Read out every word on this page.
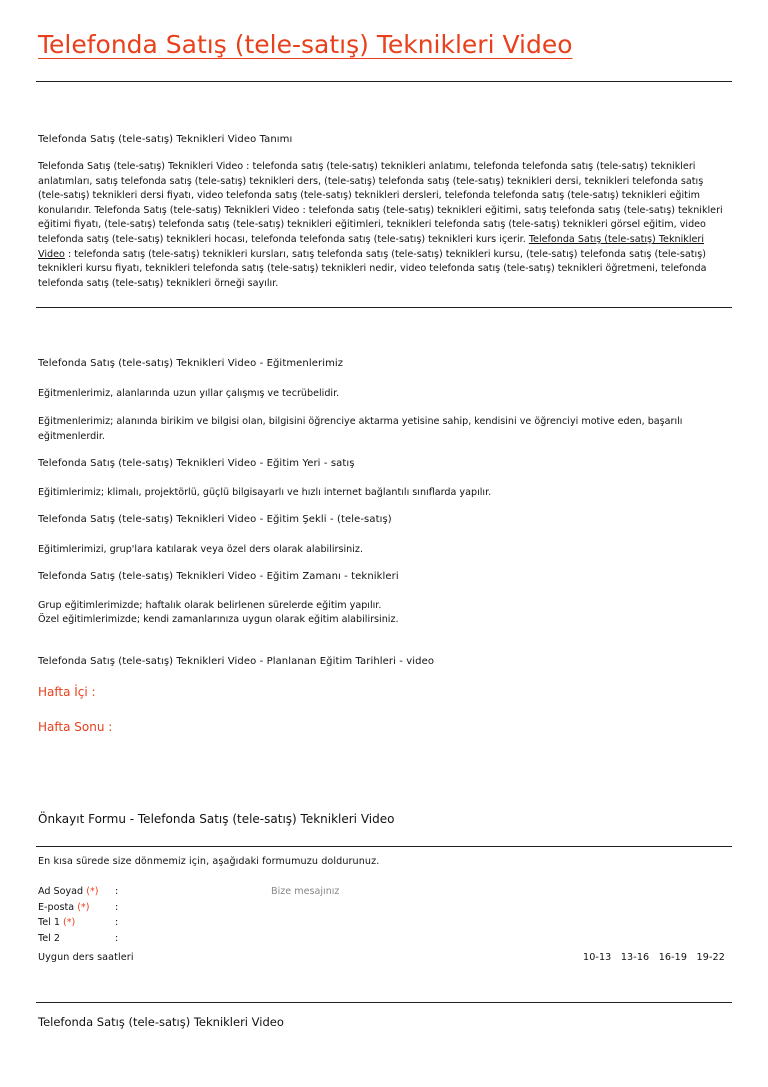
Telefonda Satış (tele-satış) Teknikleri Video
Telefonda Satış (tele-satış) Teknikleri Video Tanımı
Telefonda Satış (tele-satış) Teknikleri Video : telefonda satış (tele-satış) teknikleri anlatımı, telefonda telefonda satış (tele-satış) teknikleri anlatımları, satış telefonda satış (tele-satış) teknikleri ders, (tele-satış) telefonda satış (tele-satış) teknikleri dersi, teknikleri telefonda satış (tele-satış) teknikleri dersi fiyatı, video telefonda satış (tele-satış) teknikleri dersleri, telefonda telefonda satış (tele-satış) teknikleri eğitim konularıdır. Telefonda Satış (tele-satış) Teknikleri Video : telefonda satış (tele-satış) teknikleri eğitimi, satış telefonda satış (tele-satış) teknikleri eğitimi fiyatı, (tele-satış) telefonda satış (tele-satış) teknikleri eğitimleri, teknikleri telefonda satış (tele-satış) teknikleri görsel eğitim, video telefonda satış (tele-satış) teknikleri hocası, telefonda telefonda satış (tele-satış) teknikleri kurs içerir. Telefonda Satış (tele-satış) Teknikleri Video : telefonda satış (tele-satış) teknikleri kursları, satış telefonda satış (tele-satış) teknikleri kursu, (tele-satış) telefonda satış (tele-satış) teknikleri kursu fiyatı, teknikleri telefonda satış (tele-satış) teknikleri nedir, video telefonda satış (tele-satış) teknikleri öğretmeni, telefonda telefonda satış (tele-satış) teknikleri örneği sayılır.
Telefonda Satış (tele-satış) Teknikleri Video - Eğitmenlerimiz
Eğitmenlerimiz, alanlarında uzun yıllar çalışmış ve tecrübelidir.
Eğitmenlerimiz; alanında birikim ve bilgisi olan, bilgisini öğrenciye aktarma yetisine sahip, kendisini ve öğrenciyi motive eden, başarılı eğitmenlerdir.
Telefonda Satış (tele-satış) Teknikleri Video - Eğitim Yeri - satış
Eğitimlerimiz; klimalı, projektörlü, güçlü bilgisayarlı ve hızlı internet bağlantılı sınıflarda yapılır.
Telefonda Satış (tele-satış) Teknikleri Video - Eğitim Şekli - (tele-satış)
Eğitimlerimizi, grup'lara katılarak veya özel ders olarak alabilirsiniz.
Telefonda Satış (tele-satış) Teknikleri Video - Eğitim Zamanı - teknikleri
Grup eğitimlerimizde; haftalık olarak belirlenen sürelerde eğitim yapılır.
Özel eğitimlerimizde; kendi zamanlarınıza uygun olarak eğitim alabilirsiniz.
Telefonda Satış (tele-satış) Teknikleri Video - Planlanan Eğitim Tarihleri - video
Hafta İçi :
Hafta Sonu :
Önkayıt Formu - Telefonda Satış (tele-satış) Teknikleri Video
En kısa sürede size dönmemiz için, aşağıdaki formumuzu doldurunuz.
Ad Soyad (*)
E-posta (*)
Tel 1 (*)
Tel 2
:
:
:
:
Bize mesajınız
Uygun ders saatleri	10-13 13-16 16-19 19-22
Telefonda Satış (tele-satış) Teknikleri Video
